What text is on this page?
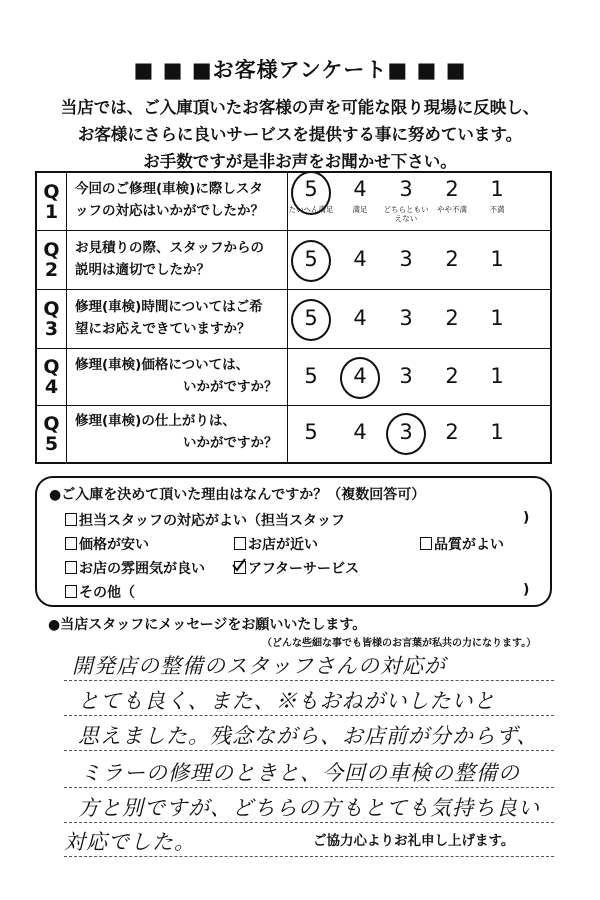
■ ■ ■お客様アンケート■ ■ ■
当店では、ご入庫頂いたお客様の声を可能な限り現場に反映し、
お客様にさらに良いサービスを提供する事に努めています。
お手数ですが是非お声をお聞かせ下さい。
Q
1
今回のご修理(車検)に際しスタ
ッフの対応はいかがでしたか？
5 4 3 2 1
たいへん満足	満足	どちらともいえない
やや不満	不満
Q
2
お見積りの際、スタッフからの
説明は適切でしたか？	5 4 3 2 1
Q
3
修理(車検)時間についてはご希
望にお応えできていますか？	5 4 3 2 1
Q
4
修理(車検)価格については、
いかがですか？	5 4 3 2 1
Q
5
修理(車検)の仕上がりは、
いかがですか？	5 4 3 2 1
●ご入庫を決めて頂いた理由はなんですか？（複数回答可）
担当スタッフの対応がよい（担当スタッフ	)
価格が安い	お店が近い	品質がよい
お店の雰囲気が良い	アフターサービス
その他（	)
●当店スタッフにメッセージをお願いいたします。
（どんな些細な事でも皆様のお言葉が私共の力になります。）
開発店の整備のスタッフさんの対応が
とても良く、また、※もおねがいしたいと
思えました。残念ながら、お店前が分からず、
ミラーの修理のときと、今回の車検の整備の
方と別ですが、どちらの方もとても気持ち良い
対応でした。	ご協力心よりお礼申し上げます。
